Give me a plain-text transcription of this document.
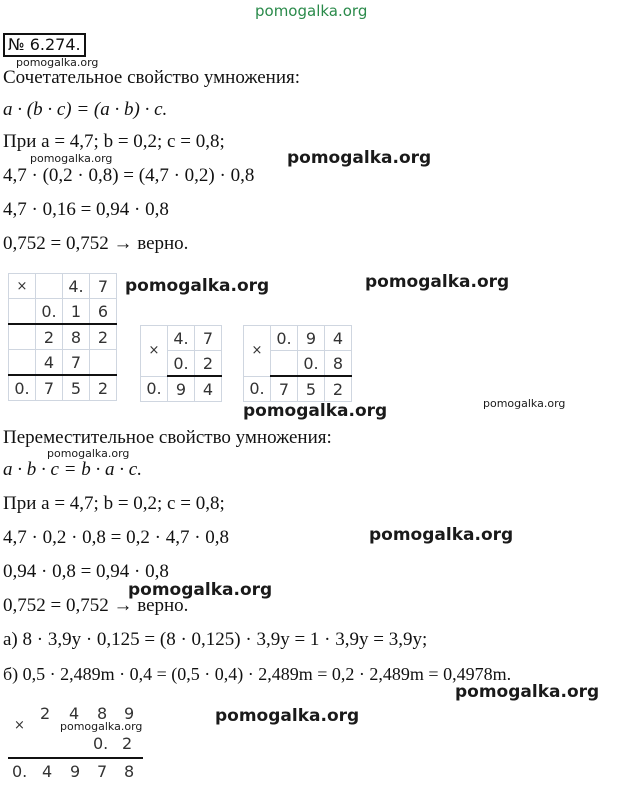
pomogalka.org
№ 6.274.
pomogalka.org
Сочетательное свойство умножения:
a · (b · c) = (a · b) · c.
При a = 4,7; b = 0,2; c = 0,8;
pomogalka.org	pomogalka.org
4,7 · (0,2 · 0,8) = (4,7 · 0,2) · 0,8
4,7 · 0,16 = 0,94 · 0,8
0,752 = 0,752 → верно.
×		4.	7
	0.	1	6
	2	8	2
	4	7	
0.	7	5	2
pomogalka.org	pomogalka.org
×	4.	7
	0.	2
0.	9	4
×	0.	9	4
		0.	8
0.	7	5	2
pomogalka.org	pomogalka.org
Переместительное свойство умножения:
pomogalka.org
a · b · c = b · a · c.
При a = 4,7; b = 0,2; c = 0,8;
4,7 · 0,2 · 0,8 = 0,2 · 4,7 · 0,8	pomogalka.org
0,94 · 0,8 = 0,94 · 0,8
pomogalka.org
0,752 = 0,752 → верно.
а) 8 · 3,9y · 0,125 = (8 · 0,125) · 3,9y = 1 · 3,9y = 3,9y;
б) 0,5 · 2,489m · 0,4 = (0,5 · 0,4) · 2,489m = 0,2 · 2,489m = 0,4978m.
pomogalka.org
×
2 4 8 9
0. 2
0. 4 9 7 8
pomogalka.org
pomogalka.org
